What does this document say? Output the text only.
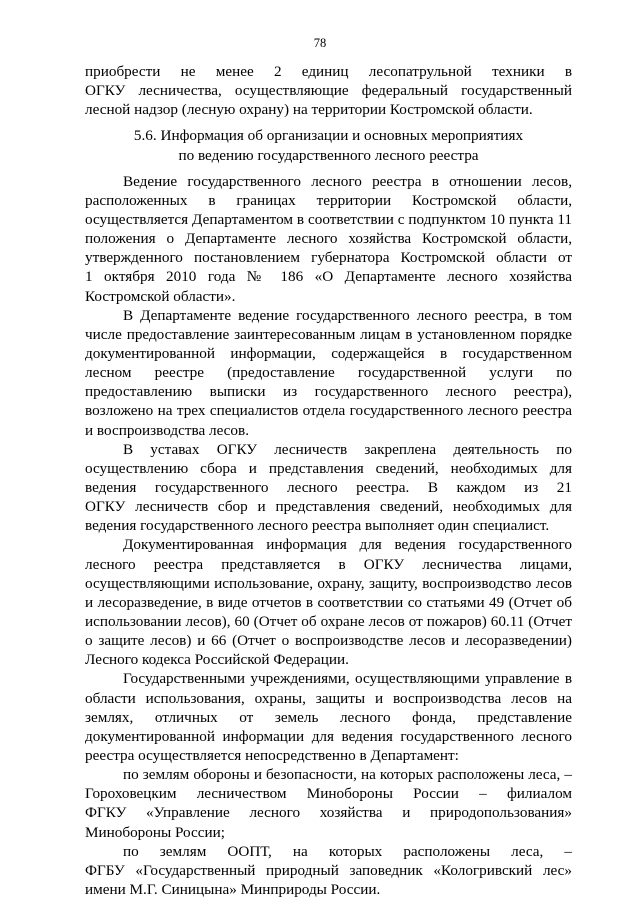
78
приобрести не менее 2 единиц лесопатрульной техники в
ОГКУ лесничества, осуществляющие федеральный государственный
лесной надзор (лесную охрану) на территории Костромской области.
5.6. Информация об организации и основных мероприятиях
по ведению государственного лесного реестра
Ведение государственного лесного реестра в отношении лесов,
расположенных в границах территории Костромской области,
осуществляется Департаментом в соответствии с подпунктом 10 пункта 11
положения о Департаменте лесного хозяйства Костромской области,
утвержденного постановлением губернатора Костромской области от
1 октября 2010 года № 186 «О Департаменте лесного хозяйства
Костромской области».
В Департаменте ведение государственного лесного реестра, в том
числе предоставление заинтересованным лицам в установленном порядке
документированной информации, содержащейся в государственном
лесном реестре (предоставление государственной услуги по
предоставлению выписки из государственного лесного реестра),
возложено на трех специалистов отдела государственного лесного реестра
и воспроизводства лесов.
В уставах ОГКУ лесничеств закреплена деятельность по
осуществлению сбора и представления сведений, необходимых для
ведения государственного лесного реестра. В каждом из 21
ОГКУ лесничеств сбор и представления сведений, необходимых для
ведения государственного лесного реестра выполняет один специалист.
Документированная информация для ведения государственного
лесного реестра представляется в ОГКУ лесничества лицами,
осуществляющими использование, охрану, защиту, воспроизводство лесов
и лесоразведение, в виде отчетов в соответствии со статьями 49 (Отчет об
использовании лесов), 60 (Отчет об охране лесов от пожаров) 60.11 (Отчет
о защите лесов) и 66 (Отчет о воспроизводстве лесов и лесоразведении)
Лесного кодекса Российской Федерации.
Государственными учреждениями, осуществляющими управление в
области использования, охраны, защиты и воспроизводства лесов на
землях, отличных от земель лесного фонда, представление
документированной информации для ведения государственного лесного
реестра осуществляется непосредственно в Департамент:
по землям обороны и безопасности, на которых расположены леса, –
Гороховецким лесничеством Минобороны России – филиалом
ФГКУ «Управление лесного хозяйства и природопользования»
Минобороны России;
по землям ООПТ, на которых расположены леса, –
ФГБУ «Государственный природный заповедник «Кологривский лес»
имени М.Г. Синицына» Минприроды России.
